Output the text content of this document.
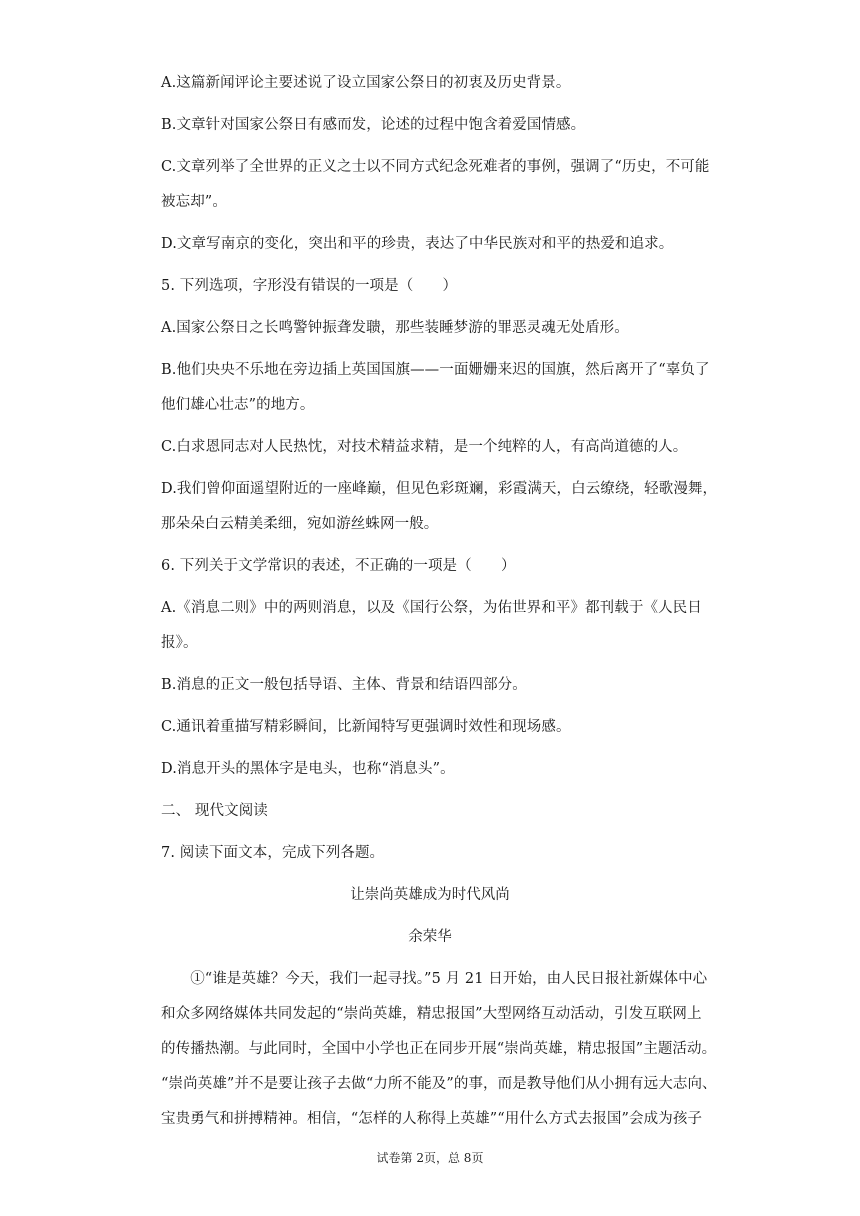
A.这篇新闻评论主要述说了设立国家公祭日的初衷及历史背景。
B.文章针对国家公祭日有感而发，论述的过程中饱含着爱国情感。
C.文章列举了全世界的正义之士以不同方式纪念死难者的事例，强调了“历史，不可能
被忘却”。
D.文章写南京的变化，突出和平的珍贵，表达了中华民族对和平的热爱和追求。
5. 下列选项，字形没有错误的一项是（　　）
A.国家公祭日之长鸣警钟振聋发聩，那些装睡梦游的罪恶灵魂无处盾形。
B.他们央央不乐地在旁边插上英国国旗——一面姗姗来迟的国旗，然后离开了“辜负了
他们雄心壮志”的地方。
C.白求恩同志对人民热忱，对技术精益求精，是一个纯粹的人，有高尚道德的人。
D.我们曾仰面遥望附近的一座峰巅，但见色彩斑斓，彩霞满天，白云缭绕，轻歌漫舞，
那朵朵白云精美柔细，宛如游丝蛛网一般。
6. 下列关于文学常识的表述，不正确的一项是（　　）
A.《消息二则》中的两则消息，以及《国行公祭，为佑世界和平》都刊载于《人民日
报》。
B.消息的正文一般包括导语、主体、背景和结语四部分。
C.通讯着重描写精彩瞬间，比新闻特写更强调时效性和现场感。
D.消息开头的黑体字是电头，也称“消息头”。
二、 现代文阅读
7. 阅读下面文本，完成下列各题。
让崇尚英雄成为时代风尚
余荣华
　　①“谁是英雄？今天，我们一起寻找。”5 月 21 日开始，由人民日报社新媒体中心
和众多网络媒体共同发起的“崇尚英雄，精忠报国”大型网络互动活动，引发互联网上
的传播热潮。与此同时，全国中小学也正在同步开展“崇尚英雄，精忠报国”主题活动。
“崇尚英雄”并不是要让孩子去做“力所不能及”的事，而是教导他们从小拥有远大志向、
宝贵勇气和拼搏精神。相信，“怎样的人称得上英雄”“用什么方式去报国”会成为孩子
试卷第 2页，总 8页
